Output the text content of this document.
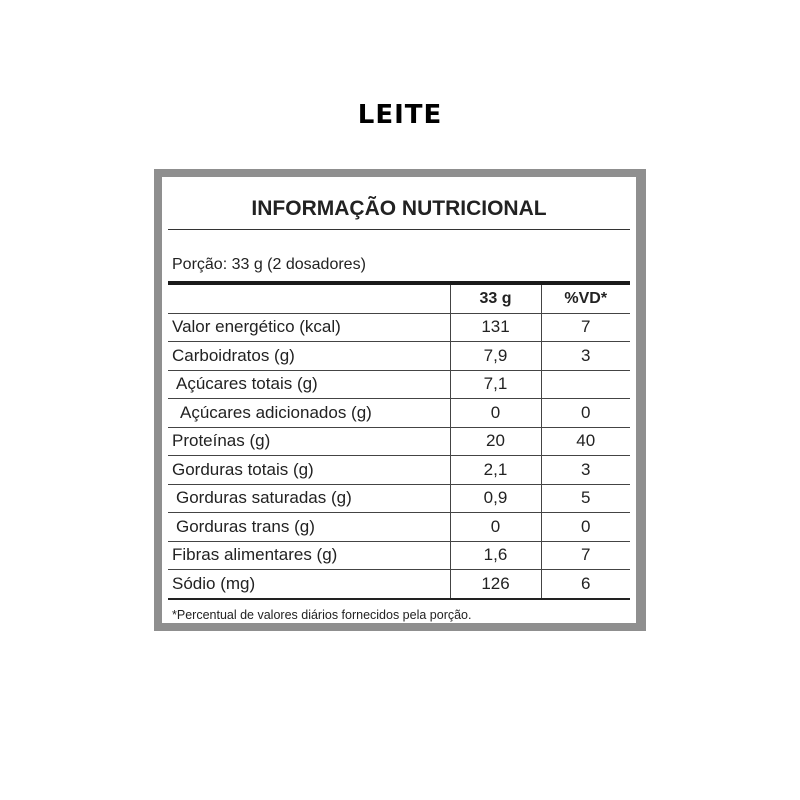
LEITE
INFORMAÇÃO NUTRICIONAL
Porção: 33 g (2 dosadores)
	33 g	%VD*
Valor energético (kcal)	131	7
Carboidratos (g)	7,9	3
Açúcares totais (g)	7,1	
Açúcares adicionados (g)	0	0
Proteínas (g)	20	40
Gorduras totais (g)	2,1	3
Gorduras saturadas (g)	0,9	5
Gorduras trans (g)	0	0
Fibras alimentares (g)	1,6	7
Sódio (mg)	126	6
*Percentual de valores diários fornecidos pela porção.
